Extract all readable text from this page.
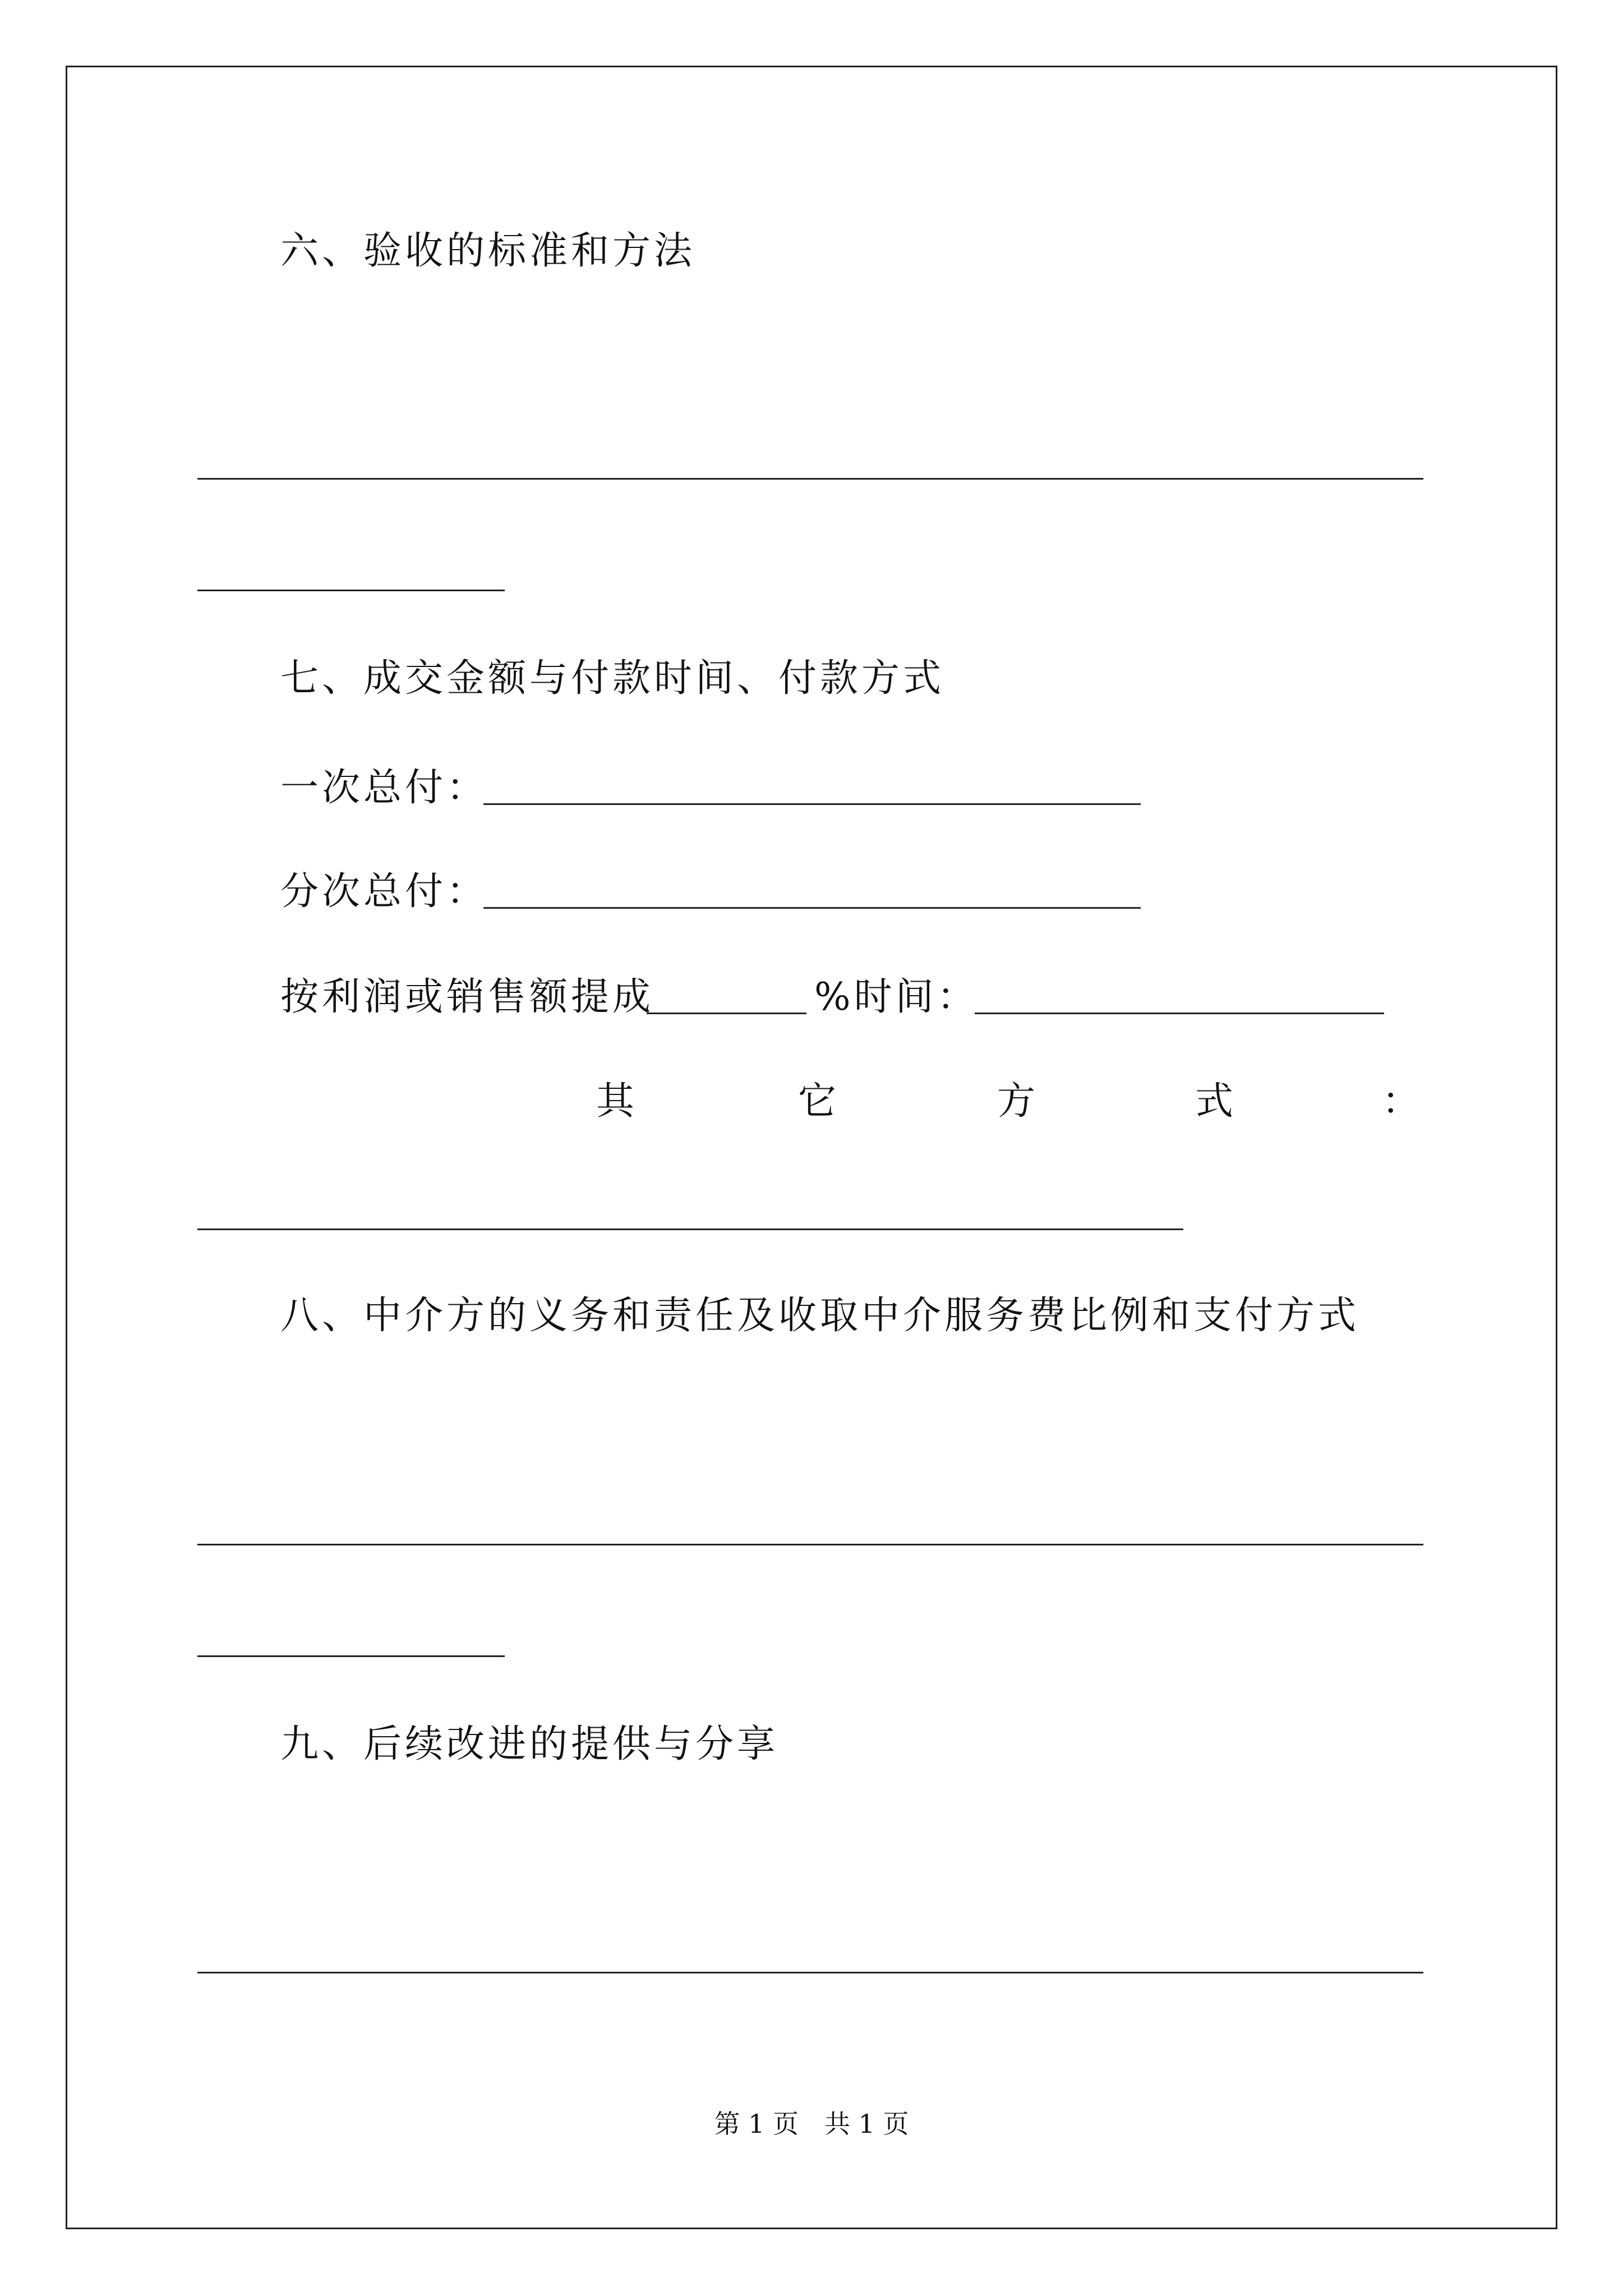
六、验收的标准和方法
七、成交金额与付款时间、付款方式
一次总付：
分次总付：
按利润或销售额提成	%时间：
其	它	方	式	：
八、中介方的义务和责任及收取中介服务费比例和支付方式
九、后续改进的提供与分享
第 1 页　共 1 页
